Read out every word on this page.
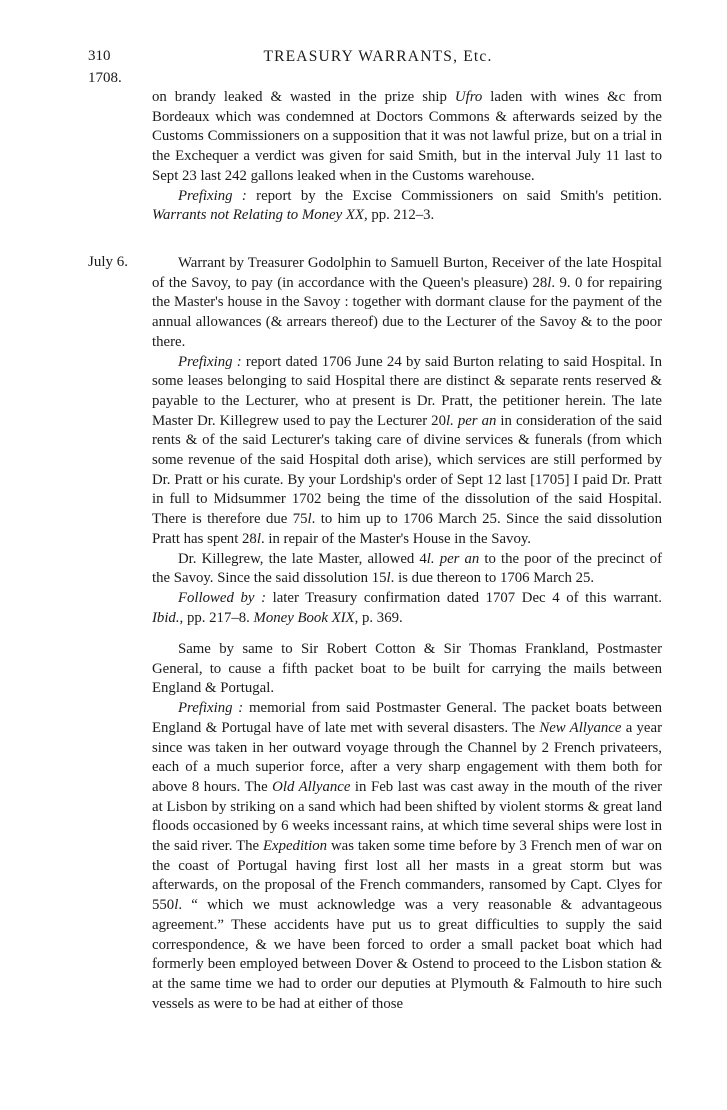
310	TREASURY WARRANTS, Etc.
1708.
July 6.

on brandy leaked & wasted in the prize ship Ufro laden with wines &c from Bordeaux which was condemned at Doctors Commons & afterwards seized by the Customs Commissioners on a supposition that it was not lawful prize, but on a trial in the Exchequer a verdict was given for said Smith, but in the interval July 11 last to Sept 23 last 242 gallons leaked when in the Customs warehouse.

Prefixing : report by the Excise Commissioners on said Smith's petition. Warrants not Relating to Money XX, pp. 212–3.

Warrant by Treasurer Godolphin to Samuell Burton, Receiver of the late Hospital of the Savoy, to pay (in accordance with the Queen's pleasure) 28l. 9. 0 for repairing the Master's house in the Savoy : together with dormant clause for the payment of the annual allowances (& arrears thereof) due to the Lecturer of the Savoy & to the poor there.

Prefixing : report dated 1706 June 24 by said Burton relating to said Hospital. In some leases belonging to said Hospital there are distinct & separate rents reserved & payable to the Lecturer, who at present is Dr. Pratt, the petitioner herein. The late Master Dr. Killegrew used to pay the Lecturer 20l. per an in consideration of the said rents & of the said Lecturer's taking care of divine services & funerals (from which some revenue of the said Hospital doth arise), which services are still performed by Dr. Pratt or his curate. By your Lordship's order of Sept 12 last [1705] I paid Dr. Pratt in full to Midsummer 1702 being the time of the dissolution of the said Hospital. There is therefore due 75l. to him up to 1706 March 25. Since the said dissolution Pratt has spent 28l. in repair of the Master's House in the Savoy.

Dr. Killegrew, the late Master, allowed 4l. per an to the poor of the precinct of the Savoy. Since the said dissolution 15l. is due thereon to 1706 March 25.

Followed by : later Treasury confirmation dated 1707 Dec 4 of this warrant. Ibid., pp. 217–8. Money Book XIX, p. 369.

Same by same to Sir Robert Cotton & Sir Thomas Frankland, Postmaster General, to cause a fifth packet boat to be built for carrying the mails between England & Portugal.

Prefixing : memorial from said Postmaster General. The packet boats between England & Portugal have of late met with several disasters. The New Allyance a year since was taken in her outward voyage through the Channel by 2 French privateers, each of a much superior force, after a very sharp engagement with them both for above 8 hours. The Old Allyance in Feb last was cast away in the mouth of the river at Lisbon by striking on a sand which had been shifted by violent storms & great land floods occasioned by 6 weeks incessant rains, at which time several ships were lost in the said river. The Expedition was taken some time before by 3 French men of war on the coast of Portugal having first lost all her masts in a great storm but was afterwards, on the proposal of the French commanders, ransomed by Capt. Clyes for 550l. “ which we must acknowledge was a very reasonable & advantageous agreement.” These accidents have put us to great difficulties to supply the said correspondence, & we have been forced to order a small packet boat which had formerly been employed between Dover & Ostend to proceed to the Lisbon station & at the same time we had to order our deputies at Plymouth & Falmouth to hire such vessels as were to be had at either of those
